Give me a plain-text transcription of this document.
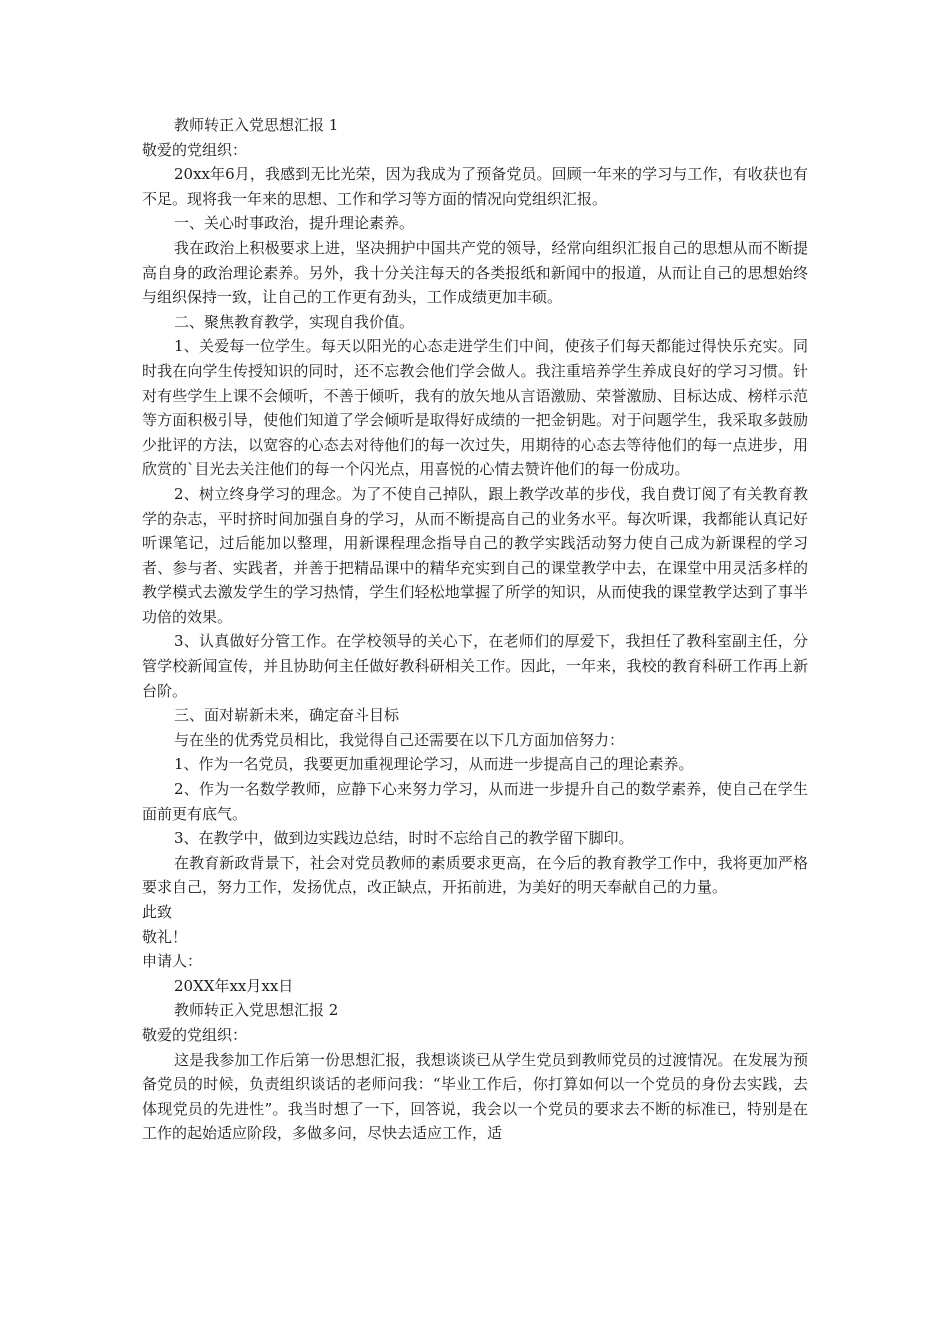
教师转正入党思想汇报 1

敬爱的党组织：

20xx年6月，我感到无比光荣，因为我成为了预备党员。回顾一年来的学习与工作，有收获也有不足。现将我一年来的思想、工作和学习等方面的情况向党组织汇报。

一、关心时事政治，提升理论素养。

我在政治上积极要求上进，坚决拥护中国共产党的领导，经常向组织汇报自己的思想从而不断提高自身的政治理论素养。另外，我十分关注每天的各类报纸和新闻中的报道，从而让自己的思想始终与组织保持一致，让自己的工作更有劲头，工作成绩更加丰硕。

二、聚焦教育教学，实现自我价值。

1、关爱每一位学生。每天以阳光的心态走进学生们中间，使孩子们每天都能过得快乐充实。同时我在向学生传授知识的同时，还不忘教会他们学会做人。我注重培养学生养成良好的学习习惯。针对有些学生上课不会倾听，不善于倾听，我有的放矢地从言语激励、荣誉激励、目标达成、榜样示范等方面积极引导，使他们知道了学会倾听是取得好成绩的一把金钥匙。对于问题学生，我采取多鼓励少批评的方法，以宽容的心态去对待他们的每一次过失，用期待的心态去等待他们的每一点进步，用欣赏的`目光去关注他们的每一个闪光点，用喜悦的心情去赞许他们的每一份成功。

2、树立终身学习的理念。为了不使自己掉队，跟上教学改革的步伐，我自费订阅了有关教育教学的杂志，平时挤时间加强自身的学习，从而不断提高自己的业务水平。每次听课，我都能认真记好听课笔记，过后能加以整理，用新课程理念指导自己的教学实践活动努力使自己成为新课程的学习者、参与者、实践者，并善于把精品课中的精华充实到自己的课堂教学中去，在课堂中用灵活多样的教学模式去激发学生的学习热情，学生们轻松地掌握了所学的知识，从而使我的课堂教学达到了事半功倍的效果。

3、认真做好分管工作。在学校领导的关心下，在老师们的厚爱下，我担任了教科室副主任，分管学校新闻宣传，并且协助何主任做好教科研相关工作。因此，一年来，我校的教育科研工作再上新台阶。

三、面对崭新未来，确定奋斗目标

与在坐的优秀党员相比，我觉得自己还需要在以下几方面加倍努力：

1、作为一名党员，我要更加重视理论学习，从而进一步提高自己的理论素养。

2、作为一名数学教师，应静下心来努力学习，从而进一步提升自己的数学素养，使自己在学生面前更有底气。

3、在教学中，做到边实践边总结，时时不忘给自己的教学留下脚印。

在教育新政背景下，社会对党员教师的素质要求更高，在今后的教育教学工作中，我将更加严格要求自己，努力工作，发扬优点，改正缺点，开拓前进，为美好的明天奉献自己的力量。

此致

敬礼！

申请人：

20XX年xx月xx日

教师转正入党思想汇报 2

敬爱的党组织：

这是我参加工作后第一份思想汇报，我想谈谈已从学生党员到教师党员的过渡情况。在发展为预备党员的时候，负责组织谈话的老师问我：“毕业工作后，你打算如何以一个党员的身份去实践，去体现党员的先进性”。我当时想了一下，回答说，我会以一个党员的要求去不断的标准已，特别是在工作的起始适应阶段，多做多问，尽快去适应工作，适
